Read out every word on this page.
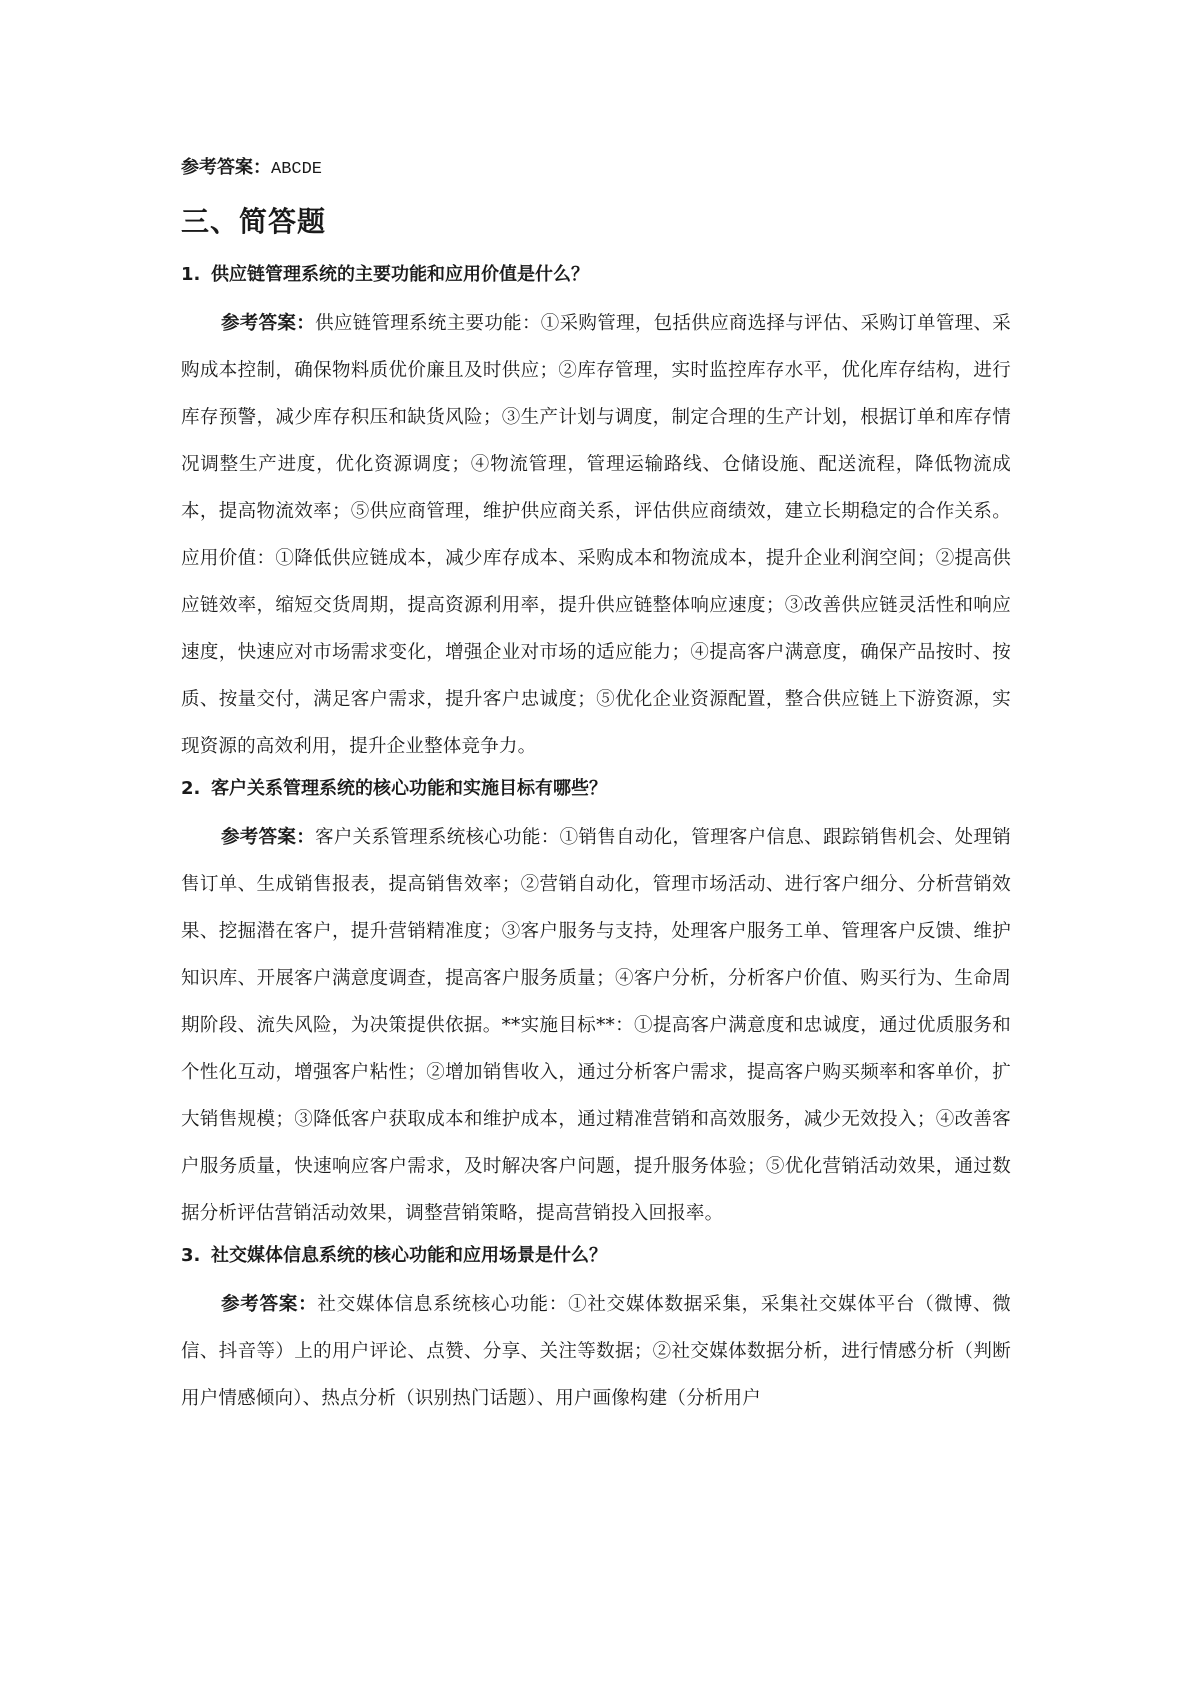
参考答案：ABCDE

三、简答题

1. 供应链管理系统的主要功能和应用价值是什么？

参考答案：供应链管理系统主要功能：①采购管理，包括供应商选择与评估、采购订单管理、采购成本控制，确保物料质优价廉且及时供应；②库存管理，实时监控库存水平，优化库存结构，进行库存预警，减少库存积压和缺货风险；③生产计划与调度，制定合理的生产计划，根据订单和库存情况调整生产进度，优化资源调度；④物流管理，管理运输路线、仓储设施、配送流程，降低物流成本，提高物流效率；⑤供应商管理，维护供应商关系，评估供应商绩效，建立长期稳定的合作关系。应用价值：①降低供应链成本，减少库存成本、采购成本和物流成本，提升企业利润空间；②提高供应链效率，缩短交货周期，提高资源利用率，提升供应链整体响应速度；③改善供应链灵活性和响应速度，快速应对市场需求变化，增强企业对市场的适应能力；④提高客户满意度，确保产品按时、按质、按量交付，满足客户需求，提升客户忠诚度；⑤优化企业资源配置，整合供应链上下游资源，实现资源的高效利用，提升企业整体竞争力。

2. 客户关系管理系统的核心功能和实施目标有哪些？

参考答案：客户关系管理系统核心功能：①销售自动化，管理客户信息、跟踪销售机会、处理销售订单、生成销售报表，提高销售效率；②营销自动化，管理市场活动、进行客户细分、分析营销效果、挖掘潜在客户，提升营销精准度；③客户服务与支持，处理客户服务工单、管理客户反馈、维护知识库、开展客户满意度调查，提高客户服务质量；④客户分析，分析客户价值、购买行为、生命周期阶段、流失风险，为决策提供依据。**实施目标**：①提高客户满意度和忠诚度，通过优质服务和个性化互动，增强客户粘性；②增加销售收入，通过分析客户需求，提高客户购买频率和客单价，扩大销售规模；③降低客户获取成本和维护成本，通过精准营销和高效服务，减少无效投入；④改善客户服务质量，快速响应客户需求，及时解决客户问题，提升服务体验；⑤优化营销活动效果，通过数据分析评估营销活动效果，调整营销策略，提高营销投入回报率。

3. 社交媒体信息系统的核心功能和应用场景是什么？

参考答案：社交媒体信息系统核心功能：①社交媒体数据采集，采集社交媒体平台（微博、微信、抖音等）上的用户评论、点赞、分享、关注等数据；②社交媒体数据分析，进行情感分析（判断用户情感倾向）、热点分析（识别热门话题）、用户画像构建（分析用户
